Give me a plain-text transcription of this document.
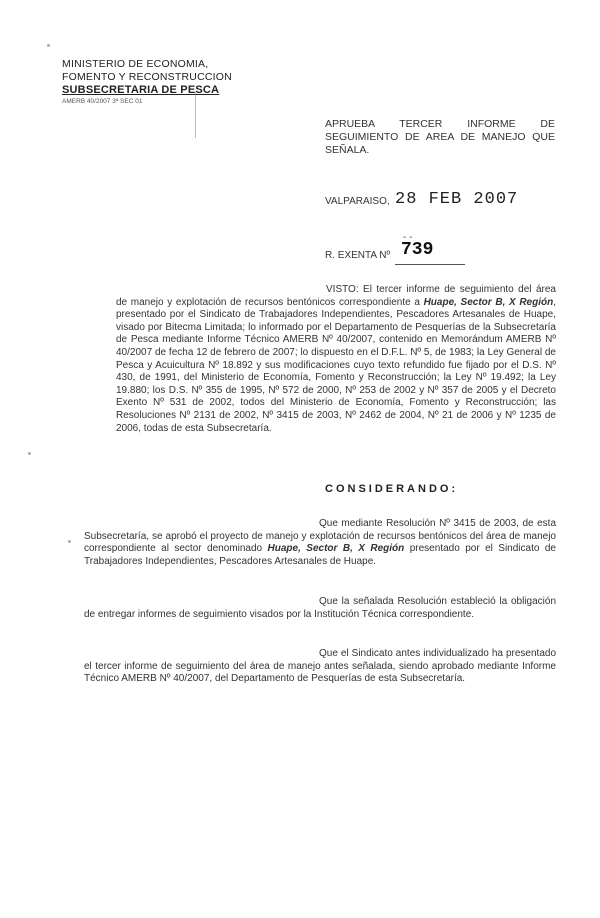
MINISTERIO DE ECONOMIA,
FOMENTO Y RECONSTRUCCION
SUBSECRETARIA DE PESCA
AMERB 40/2007 3ª SEC 01
APRUEBA TERCER INFORME DE SEGUIMIENTO DE AREA DE MANEJO QUE SEÑALA.
VALPARAISO, 28 FEB 2007
- -
R. EXENTA Nº 739
VISTO: El tercer informe de seguimiento del área de manejo y explotación de recursos bentónicos correspondiente a Huape, Sector B, X Región, presentado por el Sindicato de Trabajadores Independientes, Pescadores Artesanales de Huape, visado por Bitecma Limitada; lo informado por el Departamento de Pesquerías de la Subsecretaría de Pesca mediante Informe Técnico AMERB Nº 40/2007, contenido en Memorándum AMERB Nº 40/2007 de fecha 12 de febrero de 2007; lo dispuesto en el D.F.L. Nº 5, de 1983; la Ley General de Pesca y Acuicultura Nº 18.892 y sus modificaciones cuyo texto refundido fue fijado por el D.S. Nº 430, de 1991, del Ministerio de Economía, Fomento y Reconstrucción; la Ley Nº 19.492; la Ley 19.880; los D.S. Nº 355 de 1995, Nº 572 de 2000, Nº 253 de 2002 y Nº 357 de 2005 y el Decreto Exento Nº 531 de 2002, todos del Ministerio de Economía, Fomento y Reconstrucción; las Resoluciones Nº 2131 de 2002, Nº 3415 de 2003, Nº 2462 de 2004, Nº 21 de 2006 y Nº 1235 de 2006, todas de esta Subsecretaría.
CONSIDERANDO:
Que mediante Resolución Nº 3415 de 2003, de esta Subsecretaría, se aprobó el proyecto de manejo y explotación de recursos bentónicos del área de manejo correspondiente al sector denominado Huape, Sector B, X Región presentado por el Sindicato de Trabajadores Independientes, Pescadores Artesanales de Huape.
Que la señalada Resolución estableció la obligación de entregar informes de seguimiento visados por la Institución Técnica correspondiente.
Que el Sindicato antes individualizado ha presentado el tercer informe de seguimiento del área de manejo antes señalada, siendo aprobado mediante Informe Técnico AMERB Nº 40/2007, del Departamento de Pesquerías de esta Subsecretaría.
